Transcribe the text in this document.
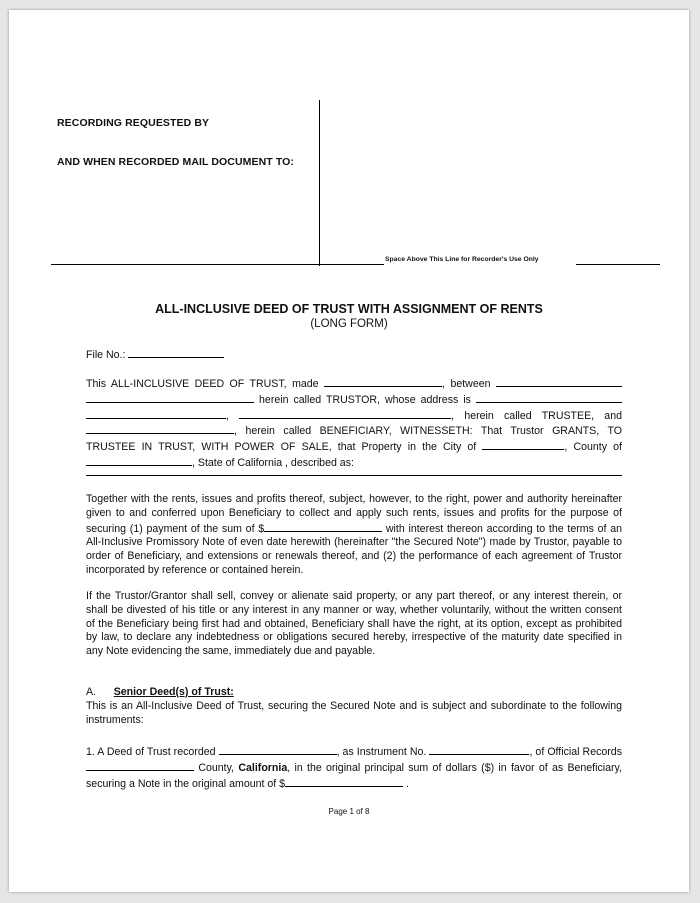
RECORDING REQUESTED BY
AND WHEN RECORDED MAIL DOCUMENT TO:
Space Above This Line for Recorder's Use Only
ALL-INCLUSIVE DEED OF TRUST WITH ASSIGNMENT OF RENTS
(LONG FORM)
File No.:
This ALL-INCLUSIVE DEED OF TRUST, made	, between   herein called TRUSTOR, whose address is  ,	, herein called TRUSTEE, and , herein called BENEFICIARY, WITNESSETH: That Trustor GRANTS, TO TRUSTEE IN TRUST, WITH POWER OF SALE, that Property in the City of	, County of , State of California , described as:
Together with the rents, issues and profits thereof, subject, however, to the right, power and authority hereinafter given to and conferred upon Beneficiary to collect and apply such rents, issues and profits for the purpose of securing (1) payment of the sum of $	with interest thereon according to the terms of an All-Inclusive Promissory Note of even date herewith (hereinafter "the Secured Note") made by Trustor, payable to order of Beneficiary, and extensions or renewals thereof, and (2) the performance of each agreement of Trustor incorporated by reference or contained herein.

If the Trustor/Grantor shall sell, convey or alienate said property, or any part thereof, or any interest therein, or shall be divested of his title or any interest in any manner or way, whether voluntarily, without the written consent of the Beneficiary being first had and obtained, Beneficiary shall have the right, at its option, except as prohibited by law, to declare any indebtedness or obligations secured hereby, irrespective of the maturity date specified in any Note evidencing the same, immediately due and payable.

A. Senior Deed(s) of Trust:

This is an All-Inclusive Deed of Trust, securing the Secured Note and is subject and subordinate to the following instruments:

1. A Deed of Trust recorded	, as Instrument No.	, of Official Records  County, California, in the original principal sum of dollars ($) in favor of as Beneficiary, securing a Note in the original amount of $	.
Page 1 of 8
